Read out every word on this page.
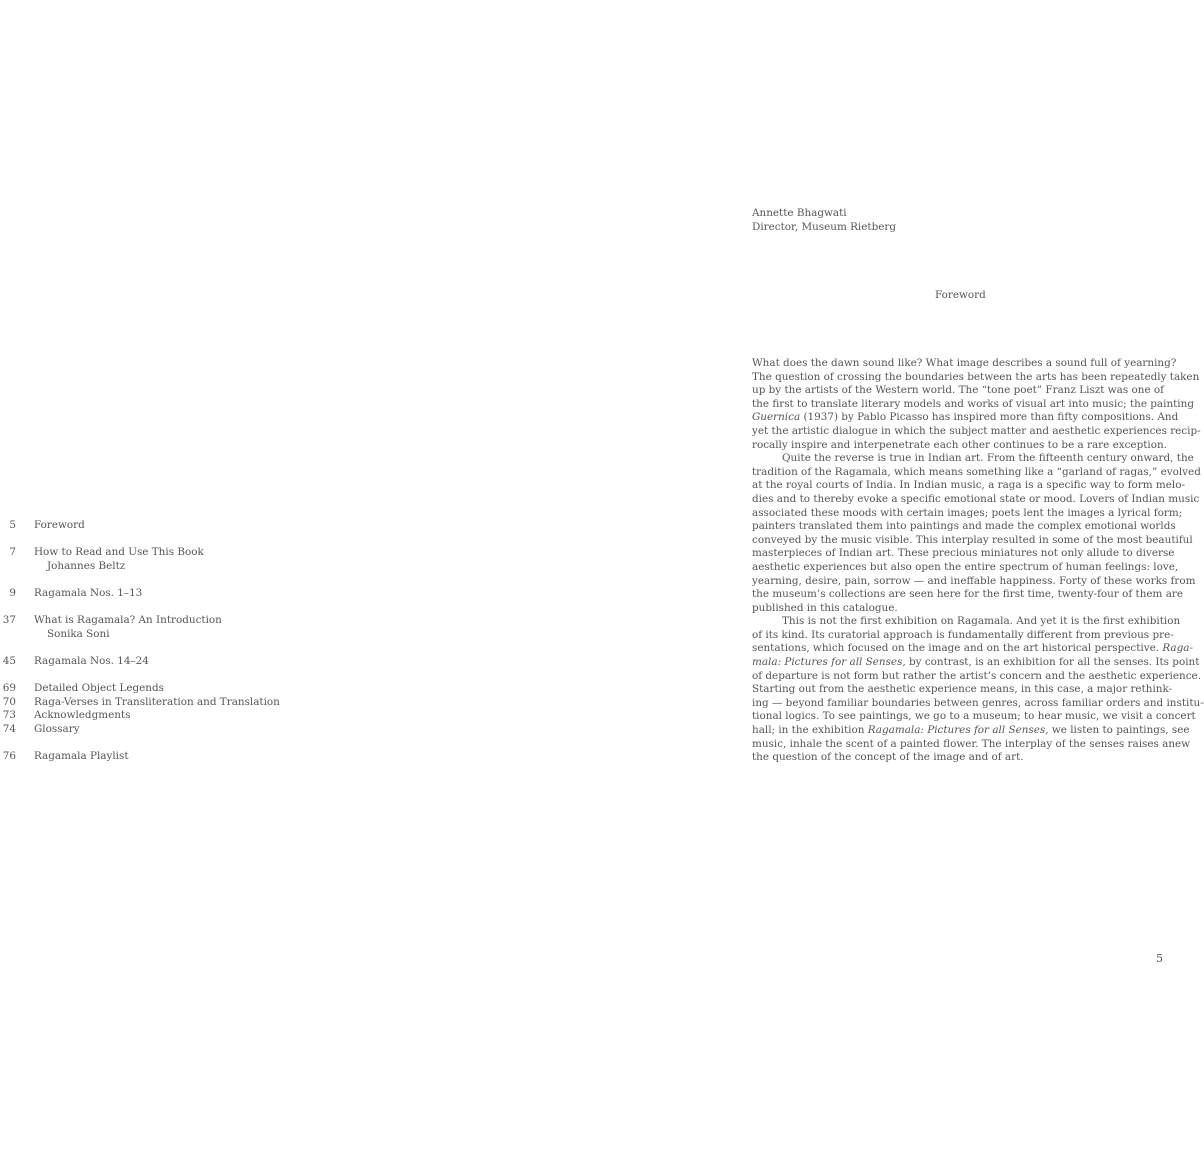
5 Foreword
7 How to Read and Use This Book
Johannes Beltz
9 Ragamala Nos. 1–13
37 What is Ragamala? An Introduction
Sonika Soni
45 Ragamala Nos. 14–24
69 Detailed Object Legends
70 Raga-Verses in Transliteration and Translation
73 Acknowledgments
74 Glossary
76 Ragamala Playlist
Annette Bhagwati
Director, Museum Rietberg
Foreword
What does the dawn sound like? What image describes a sound full of yearning?
The question of crossing the boundaries between the arts has been repeatedly taken
up by the artists of the Western world. The “tone poet” Franz Liszt was one of
the first to translate literary models and works of visual art into music; the painting
Guernica (1937) by Pablo Picasso has inspired more than fifty compositions. And
yet the artistic dialogue in which the subject matter and aesthetic experiences recip-
rocally inspire and interpenetrate each other continues to be a rare exception.
Quite the reverse is true in Indian art. From the fifteenth century onward, the
tradition of the Ragamala, which means something like a “garland of ragas,” evolved
at the royal courts of India. In Indian music, a raga is a specific way to form melo-
dies and to thereby evoke a specific emotional state or mood. Lovers of Indian music
associated these moods with certain images; poets lent the images a lyrical form;
painters translated them into paintings and made the complex emotional worlds
conveyed by the music visible. This interplay resulted in some of the most beautiful
masterpieces of Indian art. These precious miniatures not only allude to diverse
aesthetic experiences but also open the entire spectrum of human feelings: love,
yearning, desire, pain, sorrow — and ineffable happiness. Forty of these works from
the museum’s collections are seen here for the first time, twenty-four of them are
published in this catalogue.
This is not the first exhibition on Ragamala. And yet it is the first exhibition
of its kind. Its curatorial approach is fundamentally different from previous pre-
sentations, which focused on the image and on the art historical perspective. Raga-
mala: Pictures for all Senses, by contrast, is an exhibition for all the senses. Its point
of departure is not form but rather the artist’s concern and the aesthetic experience.
Starting out from the aesthetic experience means, in this case, a major rethink-
ing — beyond familiar boundaries between genres, across familiar orders and institu-
tional logics. To see paintings, we go to a museum; to hear music, we visit a concert
hall; in the exhibition Ragamala: Pictures for all Senses, we listen to paintings, see
music, inhale the scent of a painted flower. The interplay of the senses raises anew
the question of the concept of the image and of art.
5
